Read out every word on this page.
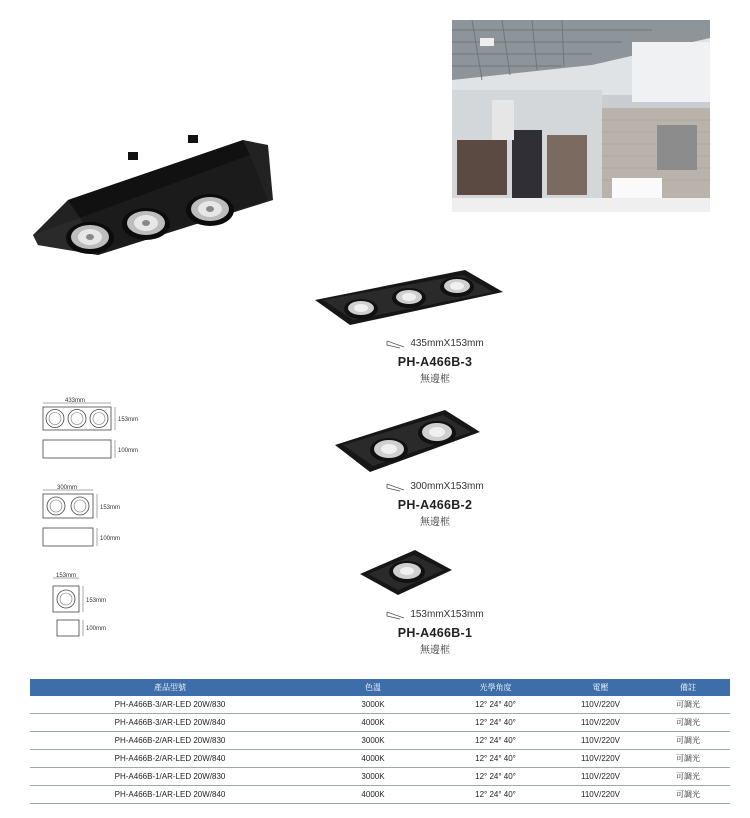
435mmX153mm
PH-A466B-3
無邊框
300mmX153mm
PH-A466B-2
無邊框
153mmX153mm
PH-A466B-1
無邊框
433mm
153mm
100mm
300mm
153mm
100mm
153mm
153mm
100mm
產品型號	色溫	光學角度	電壓	備註
PH-A466B-3/AR-LED 20W/830	3000K	12° 24° 40°	110V/220V	可調光
PH-A466B-3/AR-LED 20W/840	4000K	12° 24° 40°	110V/220V	可調光
PH-A466B-2/AR-LED 20W/830	3000K	12° 24° 40°	110V/220V	可調光
PH-A466B-2/AR-LED 20W/840	4000K	12° 24° 40°	110V/220V	可調光
PH-A466B-1/AR-LED 20W/830	3000K	12° 24° 40°	110V/220V	可調光
PH-A466B-1/AR-LED 20W/840	4000K	12° 24° 40°	110V/220V	可調光
